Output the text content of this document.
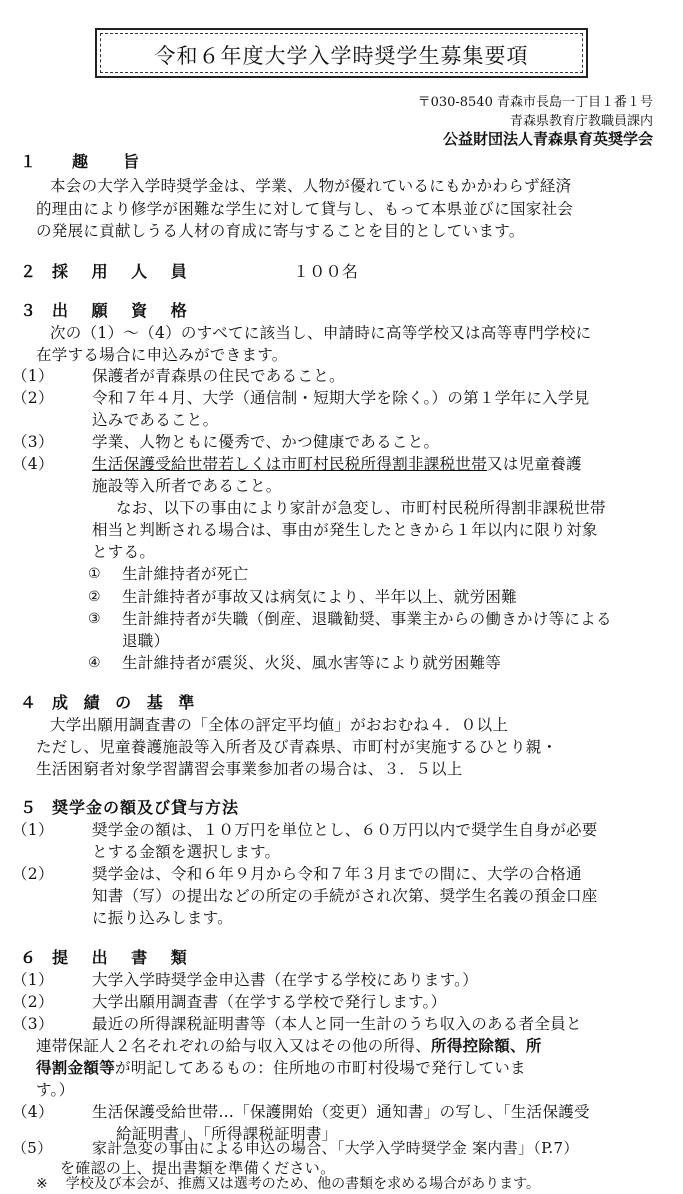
令和６年度大学入学時奨学生募集要項
〒030-8540 青森市長島一丁目１番１号
青森県教育庁教職員課内
公益財団法人青森県育英奨学会
１ 趣　　旨
本会の大学入学時奨学金は、学業、人物が優れているにもかかわらず経済
的理由により修学が困難な学生に対して貸与し、もって本県並びに国家社会
の発展に貢献しうる人材の育成に寄与することを目的としています。
２ 採 用 人 員	１００名
３ 出 願 資 格
次の（1）～（4）のすべてに該当し、申請時に高等学校又は高等専門学校に
在学する場合に申込みができます。
（1） 保護者が青森県の住民であること。
（2） 令和７年４月、大学（通信制・短期大学を除く。）の第１学年に入学見
込みであること。
（3） 学業、人物ともに優秀で、かつ健康であること。
（4） 生活保護受給世帯若しくは市町村民税所得割非課税世帯又は児童養護
施設等入所者であること。
なお、以下の事由により家計が急変し、市町村民税所得割非課税世帯
相当と判断される場合は、事由が発生したときから１年以内に限り対象
とする。
① 生計維持者が死亡
② 生計維持者が事故又は病気により、半年以上、就労困難
③ 生計維持者が失職（倒産、退職勧奨、事業主からの働きかけ等による
退職）
④ 生計維持者が震災、火災、風水害等により就労困難等
４ 成 績 の 基 準
大学出願用調査書の「全体の評定平均値」がおおむね４．０以上
ただし、児童養護施設等入所者及び青森県、市町村が実施するひとり親・
生活困窮者対象学習講習会事業参加者の場合は、３．５以上
５ 奨学金の額及び貸与方法
（1） 奨学金の額は、１０万円を単位とし、６０万円以内で奨学生自身が必要
とする金額を選択します。
（2） 奨学金は、令和６年９月から令和７年３月までの間に、大学の合格通
知書（写）の提出などの所定の手続がされ次第、奨学生名義の預金口座
に振り込みします。
６ 提 出 書 類
（1） 大学入学時奨学金申込書（在学する学校にあります。）
（2） 大学出願用調査書（在学する学校で発行します。）
（3） 最近の所得課税証明書等（本人と同一生計のうち収入のある者全員と
連帯保証人２名それぞれの給与収入又はその他の所得、所得控除額、所
得割金額等が明記してあるもの：住所地の市町村役場で発行していま
す。）
（4） 生活保護受給世帯…「保護開始（変更）通知書」の写し、「生活保護受
給証明書」、「所得課税証明書」
（5）	家計急変の事由による申込の場合、「大学入学時奨学金 案内書」（P.7）
を確認の上、提出書類を準備ください。
※ 学校及び本会が、推薦又は選考のため、他の書類を求める場合があります。
